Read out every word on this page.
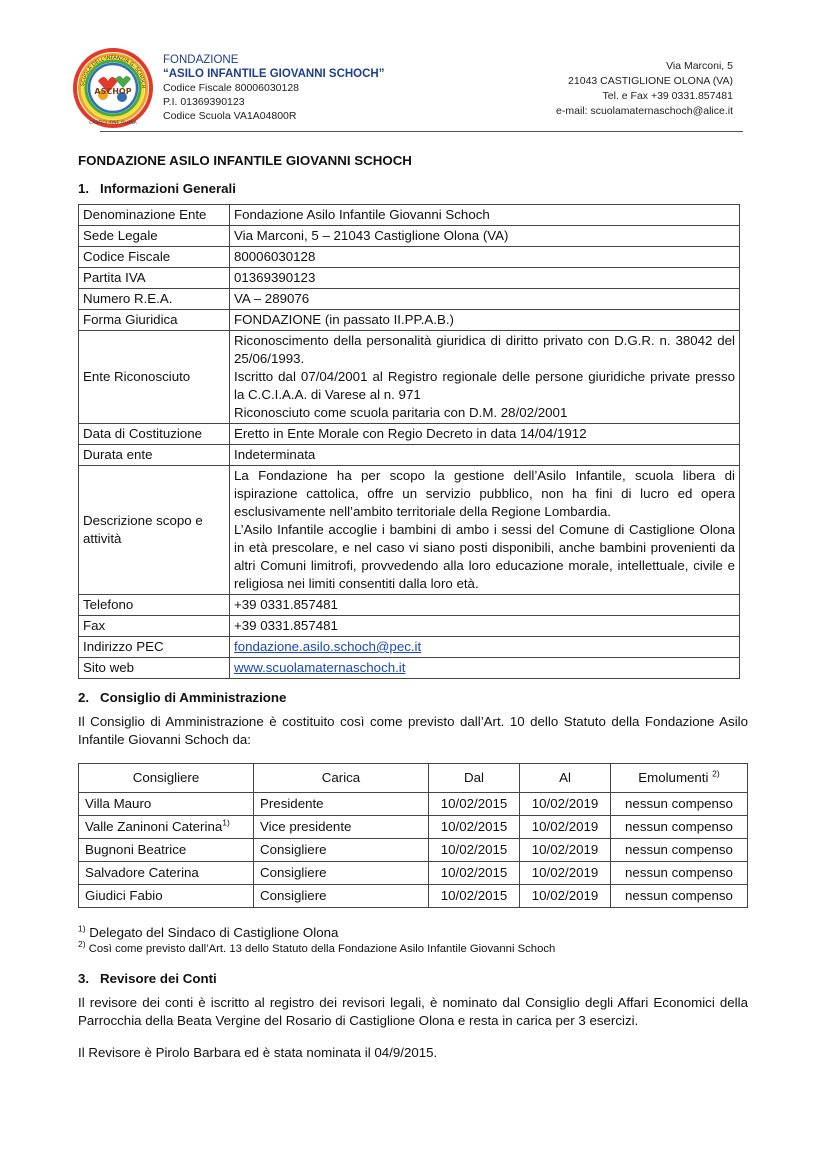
ASCHOP
SCUOLA DELL'INFANZIA G. SCHOCH
CASTIGLIONE OLONA
FONDAZIONE
“ASILO INFANTILE GIOVANNI SCHOCH”
Codice Fiscale 80006030128
P.I. 01369390123
Codice Scuola VA1A04800R
Via Marconi, 5
21043 CASTIGLIONE OLONA (VA)
Tel. e Fax +39 0331.857481
e-mail: scuolamaternaschoch@alice.it
FONDAZIONE ASILO INFANTILE GIOVANNI SCHOCH
1. Informazioni Generali
Denominazione Ente	Fondazione Asilo Infantile Giovanni Schoch
Sede Legale	Via Marconi, 5 – 21043 Castiglione Olona (VA)
Codice Fiscale	80006030128
Partita IVA	01369390123
Numero R.E.A.	VA – 289076
Forma Giuridica	FONDAZIONE (in passato II.PP.A.B.)
Ente Riconosciuto	Riconoscimento della personalità giuridica di diritto privato con D.G.R. n. 38042 del 25/06/1993.
Iscritto dal 07/04/2001 al Registro regionale delle persone giuridiche private presso la C.C.I.A.A. di Varese al n. 971
Riconosciuto come scuola paritaria con D.M. 28/02/2001

Data di Costituzione	Eretto in Ente Morale con Regio Decreto in data 14/04/1912
Durata ente	Indeterminata
Descrizione scopo e attività	La Fondazione ha per scopo la gestione dell’Asilo Infantile, scuola libera di ispirazione cattolica, offre un servizio pubblico, non ha fini di lucro ed opera esclusivamente nell’ambito territoriale della Regione Lombardia.
L’Asilo Infantile accoglie i bambini di ambo i sessi del Comune di Castiglione Olona in età prescolare, e nel caso vi siano posti disponibili, anche bambini provenienti da altri Comuni limitrofi, provvedendo alla loro educazione morale, intellettuale, civile e religiosa nei limiti consentiti dalla loro età.

Telefono	+39 0331.857481
Fax	+39 0331.857481
Indirizzo PEC	fondazione.asilo.schoch@pec.it
Sito web	www.scuolamaternaschoch.it
2. Consiglio di Amministrazione

Il Consiglio di Amministrazione è costituito così come previsto dall’Art. 10 dello Statuto della Fondazione Asilo Infantile Giovanni Schoch da:

Consigliere	Carica	Dal	Al	Emolumenti $^{2)}$
Villa Mauro	Presidente	10/02/2015	10/02/2019	nessun compenso
Valle Zaninoni Caterina$^{1)}$	Vice presidente	10/02/2015	10/02/2019	nessun compenso
Bugnoni Beatrice	Consigliere	10/02/2015	10/02/2019	nessun compenso
Salvadore Caterina	Consigliere	10/02/2015	10/02/2019	nessun compenso
Giudici Fabio	Consigliere	10/02/2015	10/02/2019	nessun compenso
$^{1)}$ Delegato del Sindaco di Castiglione Olona
$^{2)}$ Così come previsto dall’Art. 13 dello Statuto della Fondazione Asilo Infantile Giovanni Schoch
3. Revisore dei Conti

Il revisore dei conti è iscritto al registro dei revisori legali, è nominato dal Consiglio degli Affari Economici della Parrocchia della Beata Vergine del Rosario di Castiglione Olona e resta in carica per 3 esercizi.

Il Revisore è Pirolo Barbara ed è stata nominata il 04/9/2015.
